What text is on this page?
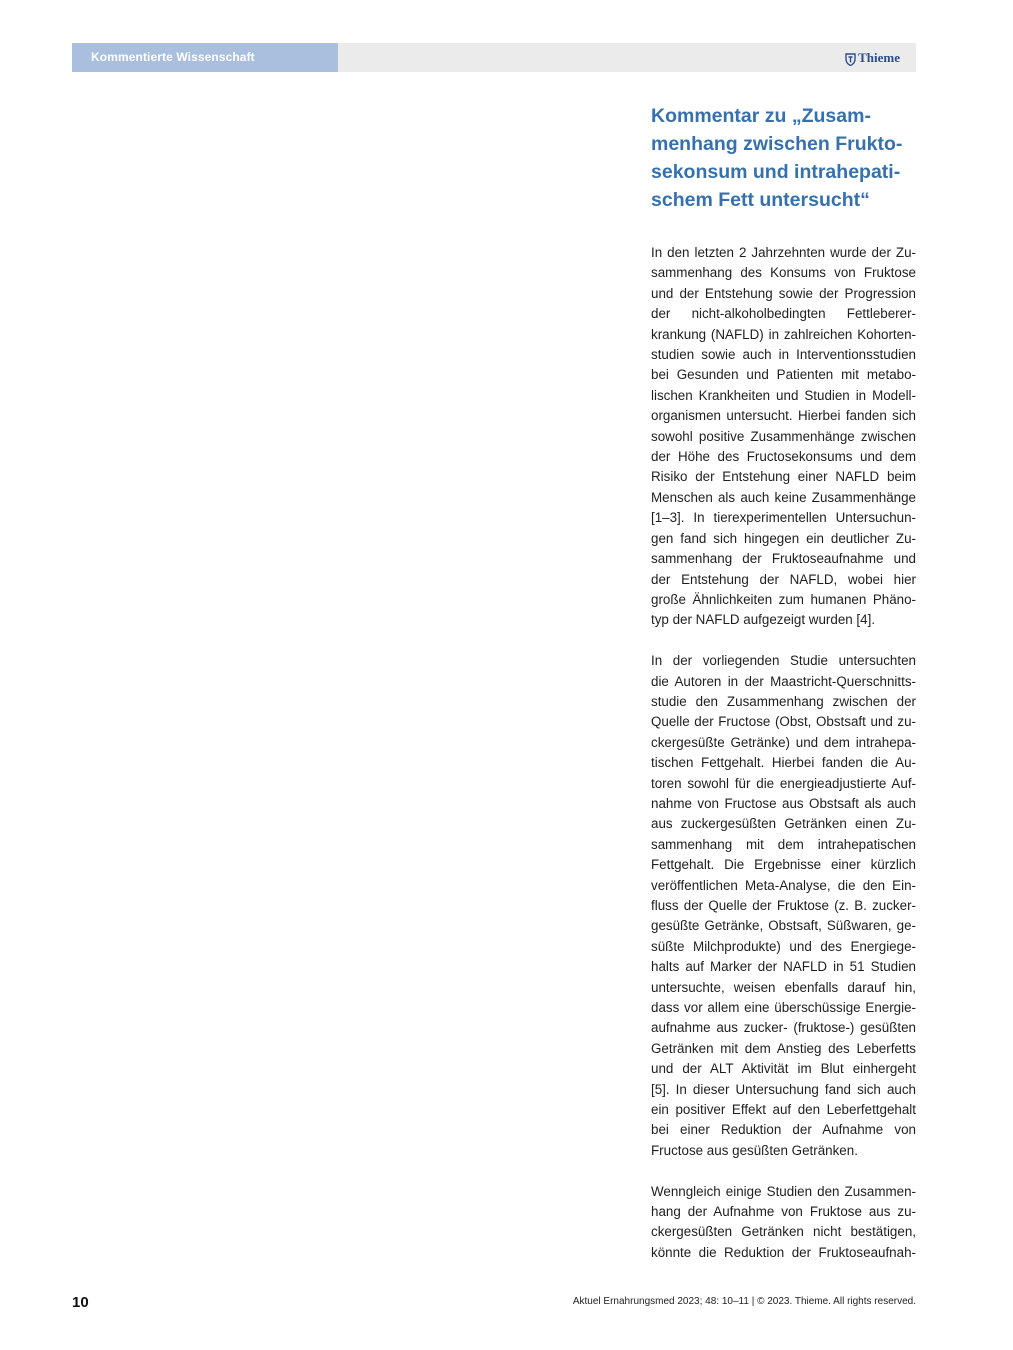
Kommentierte Wissenschaft	Thieme
Kommentar zu „Zusam-
menhang zwischen Frukto-
sekonsum und intrahepati-
schem Fett untersucht“

In den letzten 2 Jahrzehnten wurde der Zu-
sammenhang des Konsums von Fruktose
und der Entstehung sowie der Progression
der nicht-alkoholbedingten Fettleberer-
krankung (NAFLD) in zahlreichen Kohorten-
studien sowie auch in Interventionsstudien
bei Gesunden und Patienten mit metabo-
lischen Krankheiten und Studien in Modell-
organismen untersucht. Hierbei fanden sich
sowohl positive Zusammenhänge zwischen
der Höhe des Fructosekonsums und dem
Risiko der Entstehung einer NAFLD beim
Menschen als auch keine Zusammenhänge
[1–3]. In tierexperimentellen Untersuchun-
gen fand sich hingegen ein deutlicher Zu-
sammenhang der Fruktoseaufnahme und
der Entstehung der NAFLD, wobei hier
große Ähnlichkeiten zum humanen Phäno-
typ der NAFLD aufgezeigt wurden [4].

In der vorliegenden Studie untersuchten
die Autoren in der Maastricht-Querschnitts-
studie den Zusammenhang zwischen der
Quelle der Fructose (Obst, Obstsaft und zu-
ckergesüßte Getränke) und dem intrahepa-
tischen Fettgehalt. Hierbei fanden die Au-
toren sowohl für die energieadjustierte Auf-
nahme von Fructose aus Obstsaft als auch
aus zuckergesüßten Getränken einen Zu-
sammenhang mit dem intrahepatischen
Fettgehalt. Die Ergebnisse einer kürzlich
veröffentlichen Meta-Analyse, die den Ein-
fluss der Quelle der Fruktose (z. B. zucker-
gesüßte Getränke, Obstsaft, Süßwaren, ge-
süßte Milchprodukte) und des Energiege-
halts auf Marker der NAFLD in 51 Studien
untersuchte, weisen ebenfalls darauf hin,
dass vor allem eine überschüssige Energie-
aufnahme aus zucker- (fruktose-) gesüßten
Getränken mit dem Anstieg des Leberfetts
und der ALT Aktivität im Blut einhergeht
[5]. In dieser Untersuchung fand sich auch
ein positiver Effekt auf den Leberfettgehalt
bei einer Reduktion der Aufnahme von
Fructose aus gesüßten Getränken.

Wenngleich einige Studien den Zusammen-
hang der Aufnahme von Fruktose aus zu-
ckergesüßten Getränken nicht bestätigen,
könnte die Reduktion der Fruktoseaufnah-

10	Aktuel Ernahrungsmed 2023; 48: 10–11 | © 2023. Thieme. All rights reserved.
